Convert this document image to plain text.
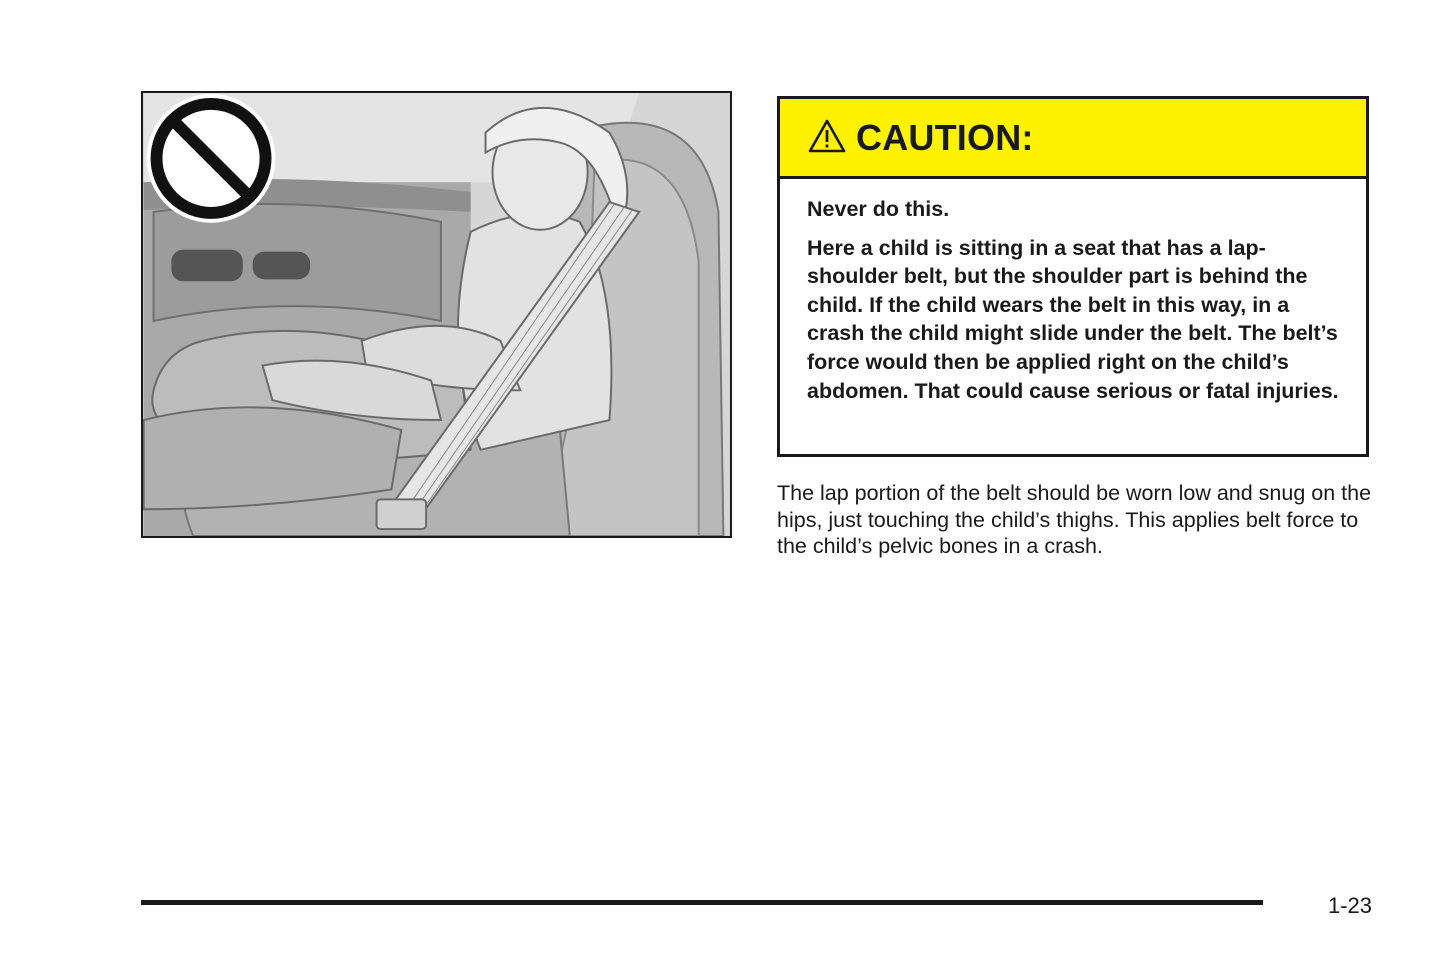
CAUTION:

Never do this.

Here a child is sitting in a seat that has a lap-shoulder belt, but the shoulder part is behind the child. If the child wears the belt in this way, in a crash the child might slide under the belt. The belt’s force would then be applied right on the child’s abdomen. That could cause serious or fatal injuries.

The lap portion of the belt should be worn low and snug on the hips, just touching the child’s thighs. This applies belt force to the child’s pelvic bones in a crash.

1-23
